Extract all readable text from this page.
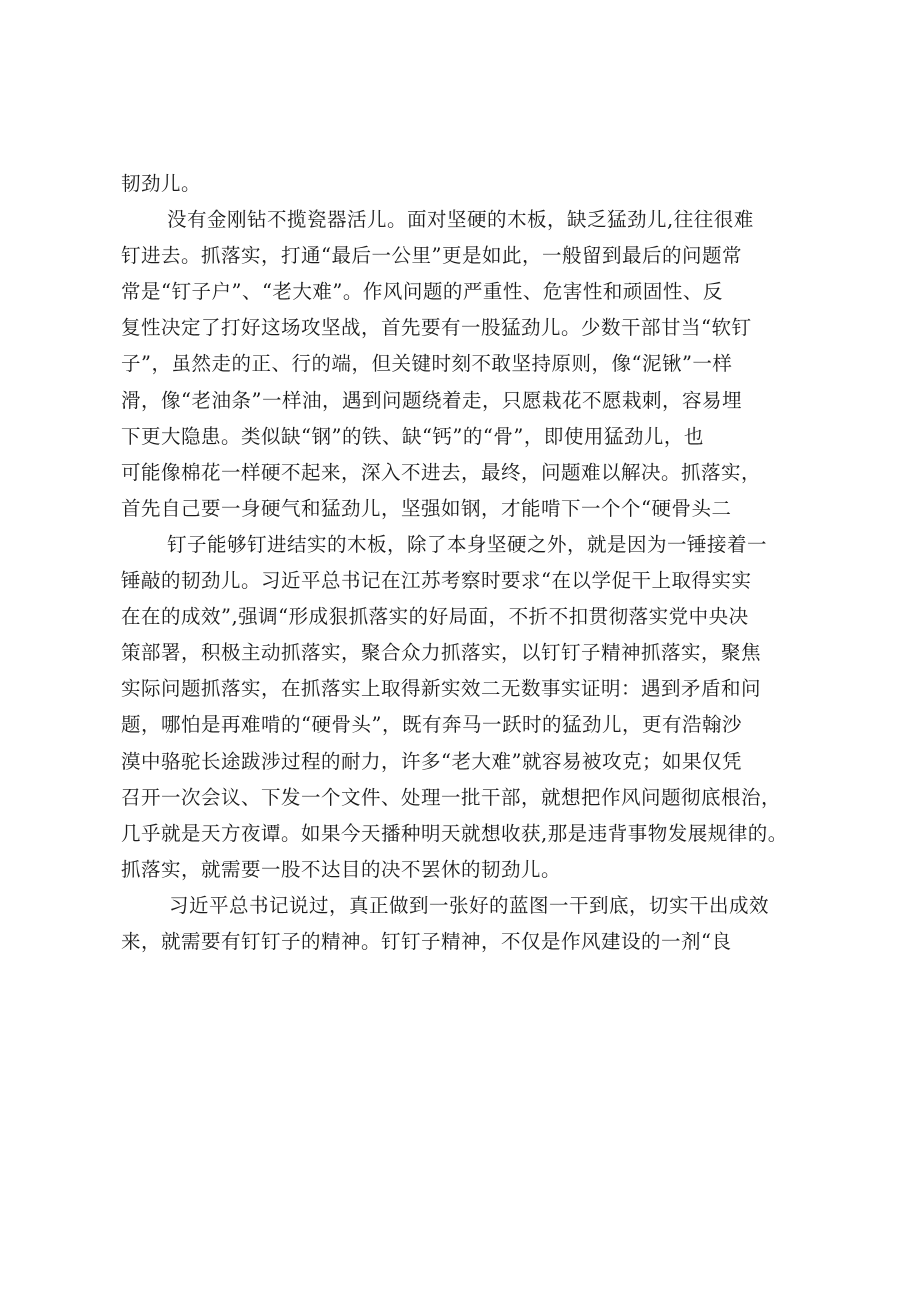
韧劲儿。
没有金刚钻不揽瓷器活儿。面对坚硬的木板，缺乏猛劲儿,往往很难
钉进去。抓落实，打通“最后一公里”更是如此，一般留到最后的问题常
常是“钉子户”、“老大难”。作风问题的严重性、危害性和顽固性、反
复性决定了打好这场攻坚战，首先要有一股猛劲儿。少数干部甘当“软钉
子”，虽然走的正、行的端，但关键时刻不敢坚持原则，像“泥锹”一样
滑，像“老油条”一样油，遇到问题绕着走，只愿栽花不愿栽刺，容易埋
下更大隐患。类似缺“钢”的铁、缺“钙”的“骨”，即使用猛劲儿，也
可能像棉花一样硬不起来，深入不进去，最终，问题难以解决。抓落实，
首先自己要一身硬气和猛劲儿，坚强如钢，才能啃下一个个“硬骨头二
钉子能够钉进结实的木板，除了本身坚硬之外，就是因为一锤接着一
锤敲的韧劲儿。习近平总书记在江苏考察时要求“在以学促干上取得实实
在在的成效”,强调“形成狠抓落实的好局面，不折不扣贯彻落实党中央决
策部署，积极主动抓落实，聚合众力抓落实，以钉钉子精神抓落实，聚焦
实际问题抓落实，在抓落实上取得新实效二无数事实证明：遇到矛盾和问
题，哪怕是再难啃的“硬骨头”，既有奔马一跃时的猛劲儿，更有浩翰沙
漠中骆驼长途跋涉过程的耐力，许多“老大难”就容易被攻克；如果仅凭
召开一次会议、下发一个文件、处理一批干部，就想把作风问题彻底根治，
几乎就是天方夜谭。如果今天播种明天就想收获,那是违背事物发展规律的。
抓落实，就需要一股不达目的决不罢休的韧劲儿。
习近平总书记说过，真正做到一张好的蓝图一干到底，切实干出成效
来，就需要有钉钉子的精神。钉钉子精神，不仅是作风建设的一剂“良
